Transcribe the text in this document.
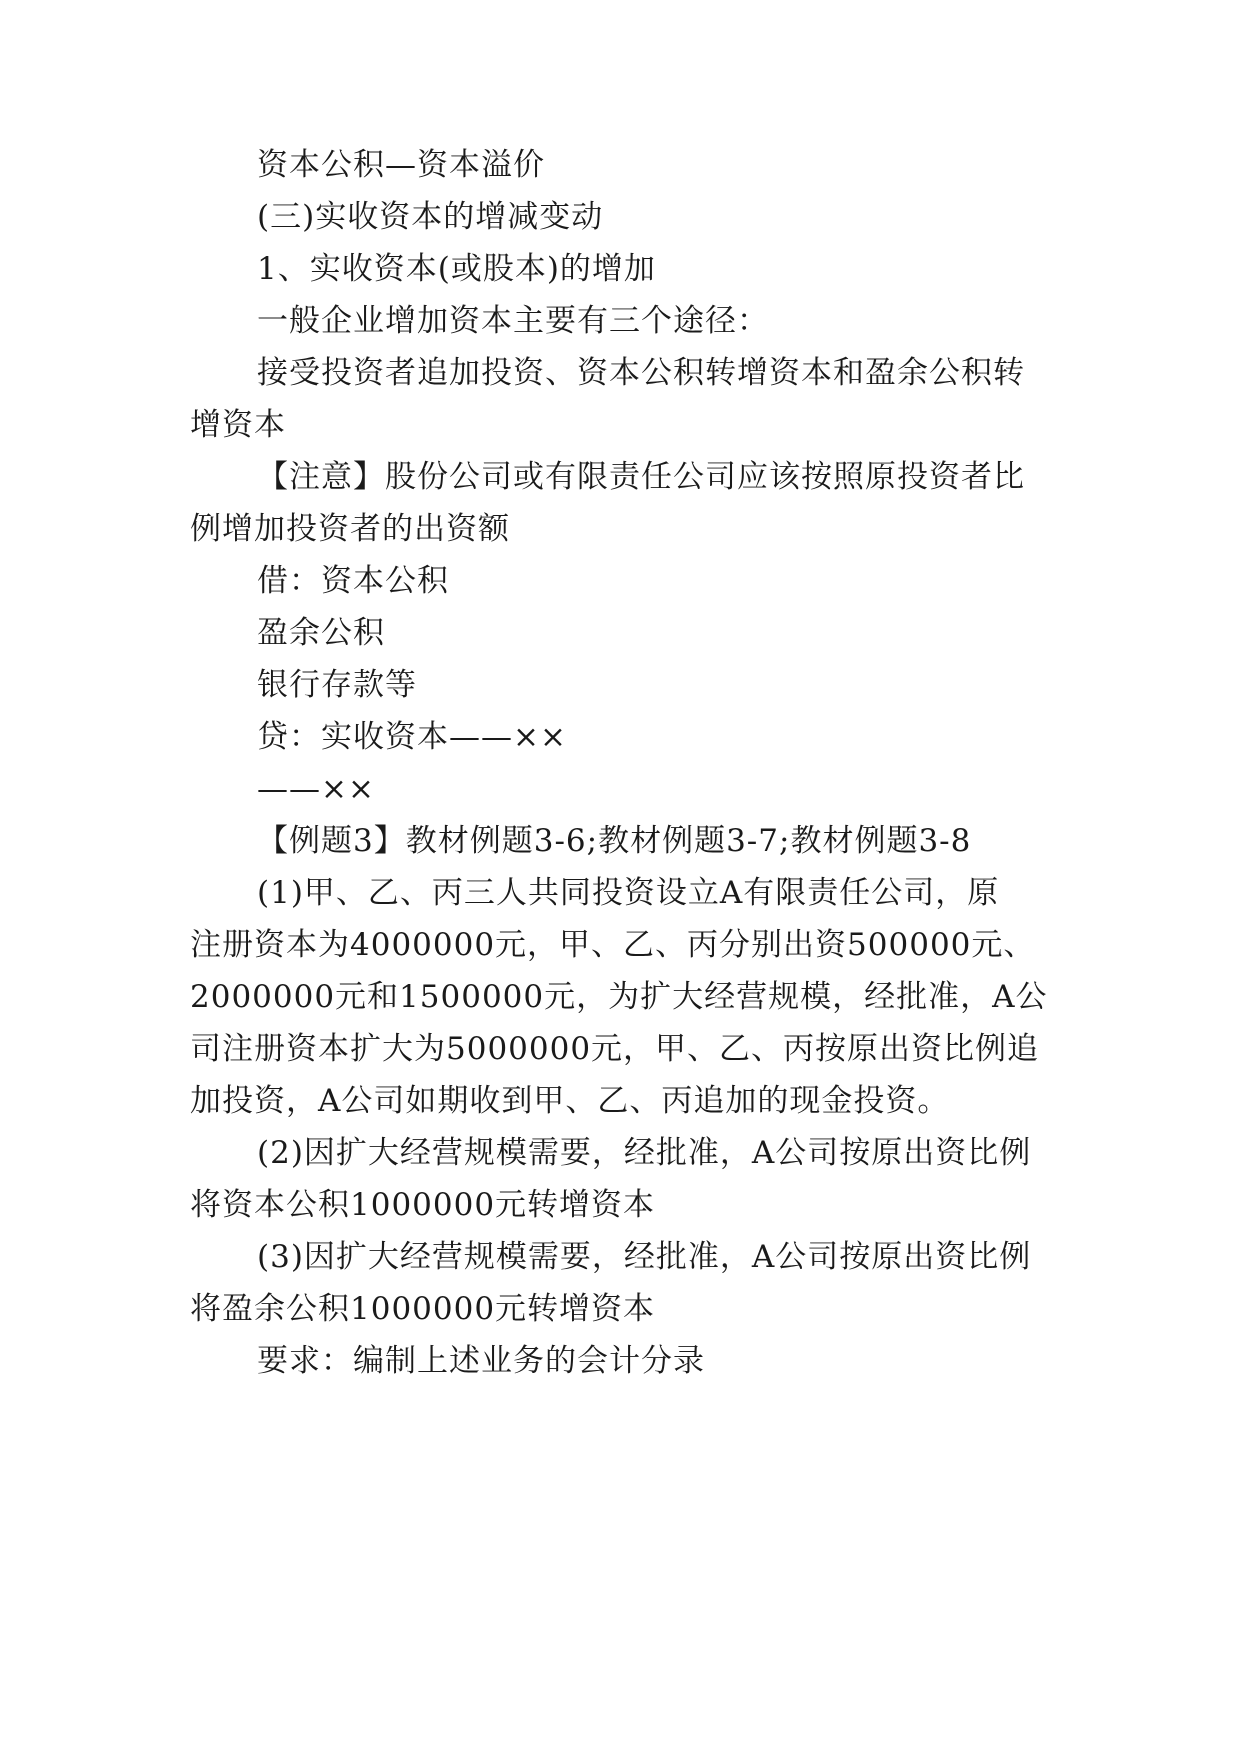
资本公积—资本溢价
(三)实收资本的增减变动
1、实收资本(或股本)的增加
一般企业增加资本主要有三个途径：
接受投资者追加投资、资本公积转增资本和盈余公积转
增资本
【注意】股份公司或有限责任公司应该按照原投资者比
例增加投资者的出资额
借：资本公积
盈余公积
银行存款等
贷：实收资本——××
——××
【例题3】教材例题3-6;教材例题3-7;教材例题3-8
(1)甲、乙、丙三人共同投资设立A有限责任公司，原
注册资本为4000000元，甲、乙、丙分别出资500000元、
2000000元和1500000元，为扩大经营规模，经批准，A公
司注册资本扩大为5000000元，甲、乙、丙按原出资比例追
加投资，A公司如期收到甲、乙、丙追加的现金投资。
(2)因扩大经营规模需要，经批准，A公司按原出资比例
将资本公积1000000元转增资本
(3)因扩大经营规模需要，经批准，A公司按原出资比例
将盈余公积1000000元转增资本
要求：编制上述业务的会计分录
